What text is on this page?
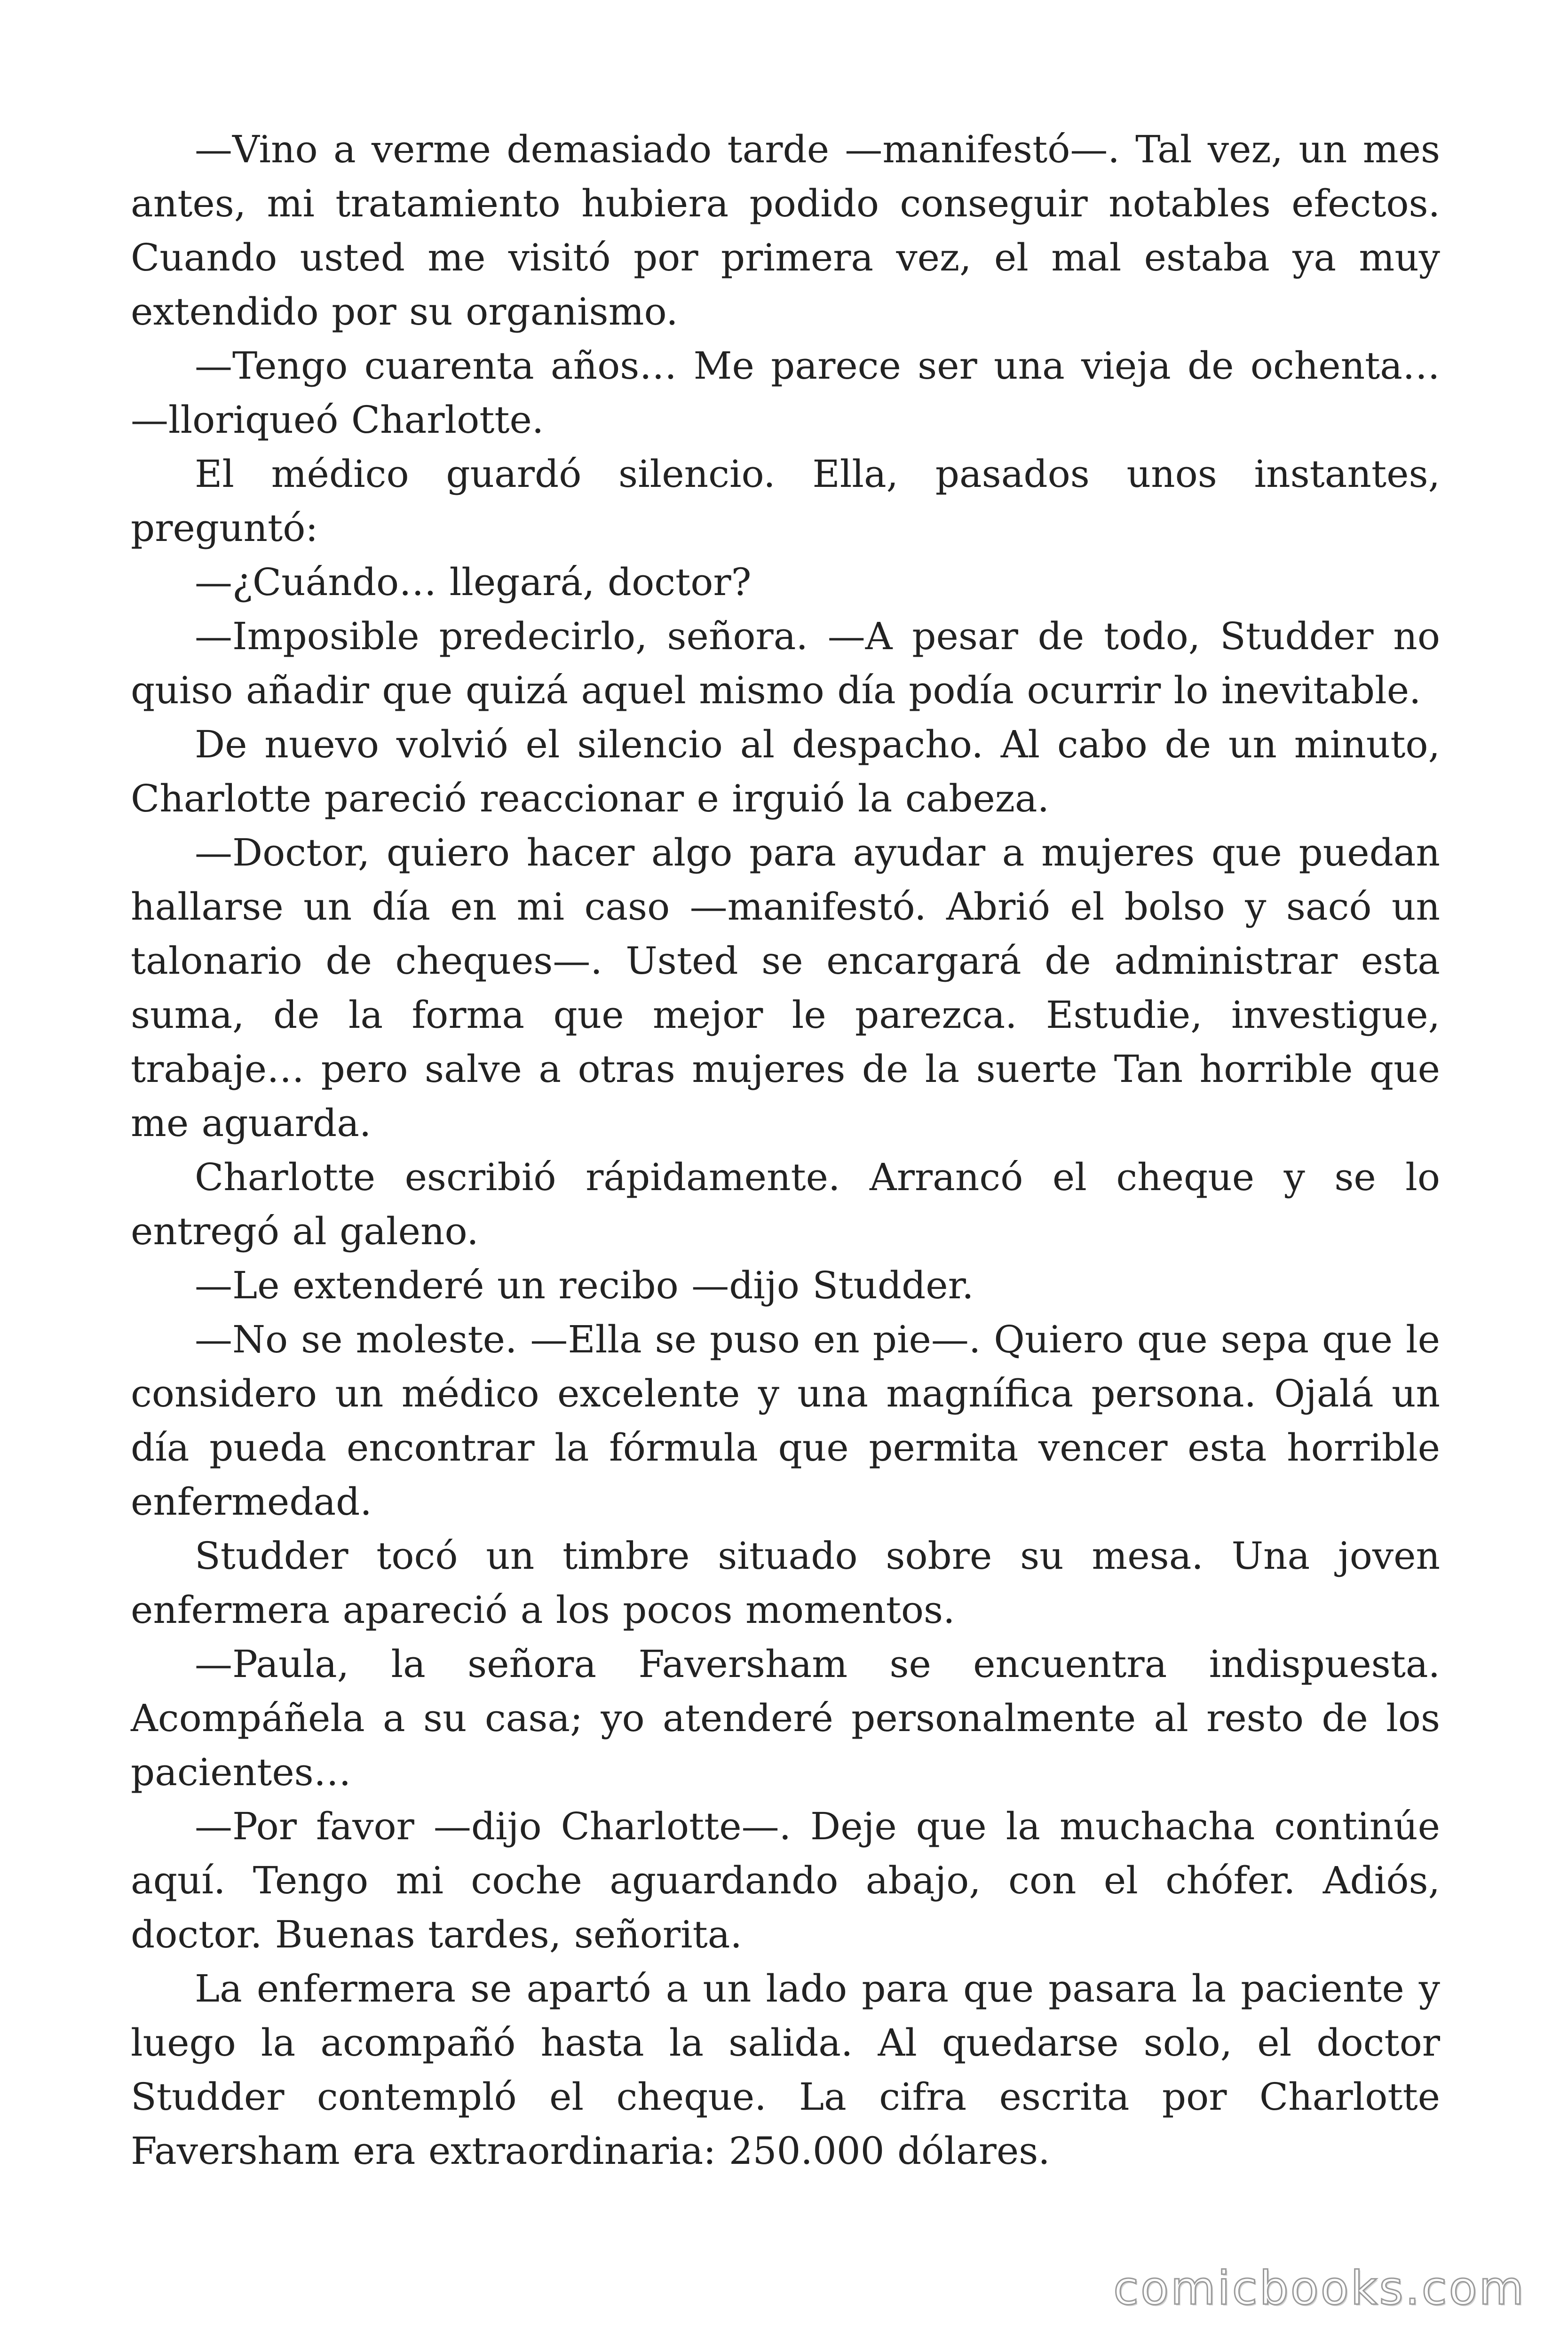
—Vino a verme demasiado tarde —manifestó—. Tal vez, un mes antes, mi tratamiento hubiera podido conseguir notables efectos. Cuando usted me visitó por primera vez, el mal estaba ya muy extendido por su organismo.

—Tengo cuarenta años… Me parece ser una vieja de ochenta… —lloriqueó Charlotte.

El médico guardó silencio. Ella, pasados unos instantes, preguntó:

—¿Cuándo… llegará, doctor?

—Imposible predecirlo, señora. —A pesar de todo, Studder no quiso añadir que quizá aquel mismo día podía ocurrir lo inevitable.

De nuevo volvió el silencio al despacho. Al cabo de un minuto, Charlotte pareció reaccionar e irguió la cabeza.

—Doctor, quiero hacer algo para ayudar a mujeres que puedan hallarse un día en mi caso —manifestó. Abrió el bolso y sacó un talonario de cheques—. Usted se encargará de administrar esta suma, de la forma que mejor le parezca. Estudie, investigue, trabaje… pero salve a otras mujeres de la suerte Tan horrible que me aguarda.

Charlotte escribió rápidamente. Arrancó el cheque y se lo entregó al galeno.

—Le extenderé un recibo —dijo Studder.

—No se moleste. —Ella se puso en pie—. Quiero que sepa que le considero un médico excelente y una magnífica persona. Ojalá un día pueda encontrar la fórmula que permita vencer esta horrible enfermedad.

Studder tocó un timbre situado sobre su mesa. Una joven enfermera apareció a los pocos momentos.

—Paula, la señora Faversham se encuentra indispuesta. Acompáñela a su casa; yo atenderé personalmente al resto de los pacientes…

—Por favor —dijo Charlotte—. Deje que la muchacha continúe aquí. Tengo mi coche aguardando abajo, con el chófer. Adiós, doctor. Buenas tardes, señorita.

La enfermera se apartó a un lado para que pasara la paciente y luego la acompañó hasta la salida. Al quedarse solo, el doctor Studder contempló el cheque. La cifra escrita por Charlotte Faversham era extraordinaria: 250.000 dólares.

comicbooks.com
